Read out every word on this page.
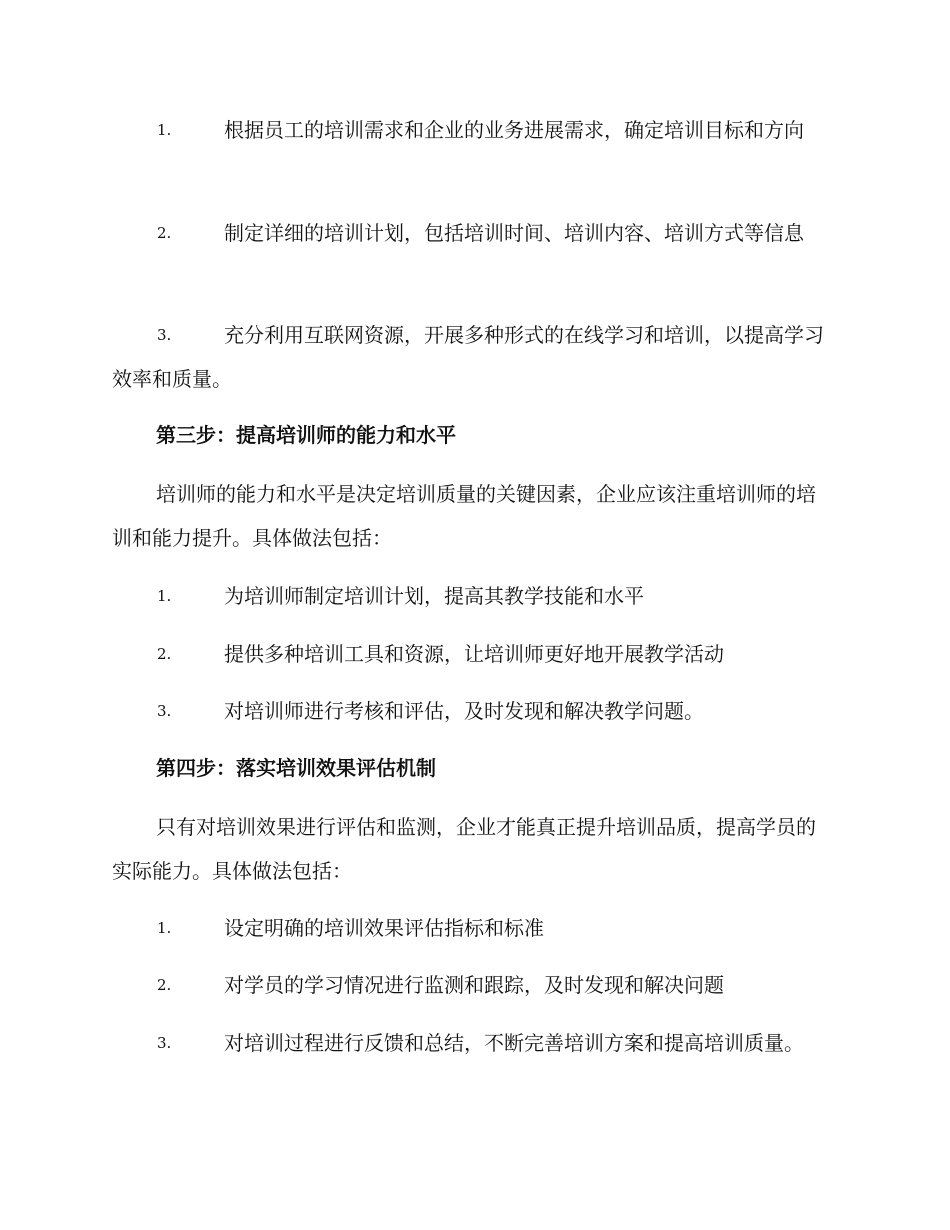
1.	根据员工的培训需求和企业的业务进展需求，确定培训目标和方向
2.	制定详细的培训计划，包括培训时间、培训内容、培训方式等信息
3.	充分利用互联网资源，开展多种形式的在线学习和培训，以提高学习效率和质量。
第三步：提高培训师的能力和水平
培训师的能力和水平是决定培训质量的关键因素，企业应该注重培训师的培训和能力提升。具体做法包括：
1.	为培训师制定培训计划，提高其教学技能和水平
2.	提供多种培训工具和资源，让培训师更好地开展教学活动
3.	对培训师进行考核和评估，及时发现和解决教学问题。
第四步：落实培训效果评估机制
只有对培训效果进行评估和监测，企业才能真正提升培训品质，提高学员的实际能力。具体做法包括：
1.	设定明确的培训效果评估指标和标准
2.	对学员的学习情况进行监测和跟踪，及时发现和解决问题
3.	对培训过程进行反馈和总结，不断完善培训方案和提高培训质量。
